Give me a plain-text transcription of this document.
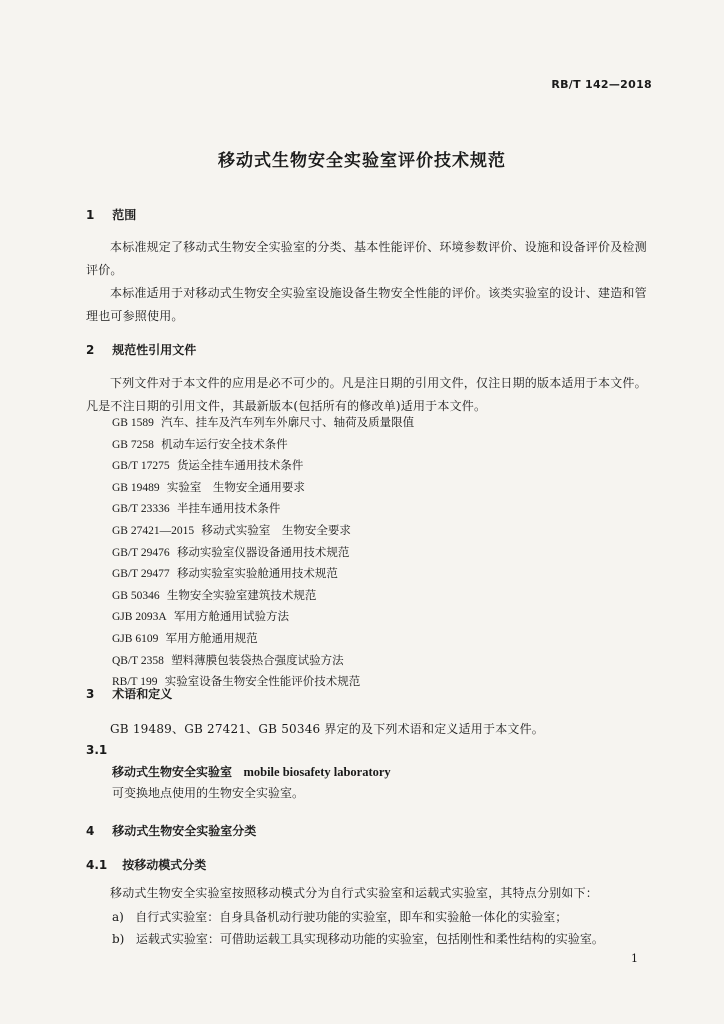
RB/T 142—2018
移动式生物安全实验室评价技术规范
1 范围
本标准规定了移动式生物安全实验室的分类、基本性能评价、环境参数评价、设施和设备评价及检测评价。
本标准适用于对移动式生物安全实验室设施设备生物安全性能的评价。该类实验室的设计、建造和管理也可参照使用。
2 规范性引用文件
下列文件对于本文件的应用是必不可少的。凡是注日期的引用文件，仅注日期的版本适用于本文件。凡是不注日期的引用文件，其最新版本(包括所有的修改单)适用于本文件。
GB 1589 汽车、挂车及汽车列车外廓尺寸、轴荷及质量限值
GB 7258 机动车运行安全技术条件
GB/T 17275 货运全挂车通用技术条件
GB 19489 实验室　生物安全通用要求
GB/T 23336 半挂车通用技术条件
GB 27421—2015 移动式实验室　生物安全要求
GB/T 29476 移动实验室仪器设备通用技术规范
GB/T 29477 移动实验室实验舱通用技术规范
GB 50346 生物安全实验室建筑技术规范
GJB 2093A 军用方舱通用试验方法
GJB 6109 军用方舱通用规范
QB/T 2358 塑料薄膜包装袋热合强度试验方法
RB/T 199 实验室设备生物安全性能评价技术规范
3 术语和定义
GB 19489、GB 27421、GB 50346 界定的及下列术语和定义适用于本文件。
3.1
移动式生物安全实验室 mobile biosafety laboratory
可变换地点使用的生物安全实验室。
4 移动式生物安全实验室分类
4.1 按移动模式分类
移动式生物安全实验室按照移动模式分为自行式实验室和运载式实验室，其特点分别如下：
a) 自行式实验室：自身具备机动行驶功能的实验室，即车和实验舱一体化的实验室；
b) 运载式实验室：可借助运载工具实现移动功能的实验室，包括刚性和柔性结构的实验室。
1
